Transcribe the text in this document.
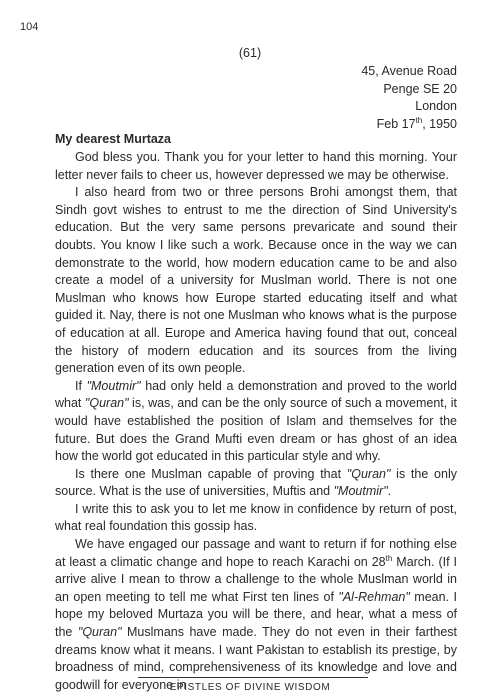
104
(61)
45, Avenue Road
Penge SE 20
London
Feb 17th, 1950
My dearest Murtaza

God bless you. Thank you for your letter to hand this morning. Your letter never fails to cheer us, however depressed we may be otherwise.

I also heard from two or three persons Brohi amongst them, that Sindh govt wishes to entrust to me the direction of Sind University's education. But the very same persons prevaricate and sound their doubts. You know I like such a work. Because once in the way we can demonstrate to the world, how modern education came to be and also create a model of a university for Muslman world. There is not one Muslman who knows how Europe started educating itself and what guided it. Nay, there is not one Muslman who knows what is the purpose of education at all. Europe and America having found that out, conceal the history of modern education and its sources from the living generation even of its own people.

If "Moutmir" had only held a demonstration and proved to the world what "Quran" is, was, and can be the only source of such a movement, it would have established the position of Islam and themselves for the future. But does the Grand Mufti even dream or has ghost of an idea how the world got educated in this particular style and why.

Is there one Muslman capable of proving that "Quran" is the only source. What is the use of universities, Muftis and "Moutmir".

I write this to ask you to let me know in confidence by return of post, what real foundation this gossip has.

We have engaged our passage and want to return if for nothing else at least a climatic change and hope to reach Karachi on 28th March. (If I arrive alive I mean to throw a challenge to the whole Muslman world in an open meeting to tell me what First ten lines of "Al-Rehman" mean. I hope my beloved Murtaza you will be there, and hear, what a mess of the "Quran" Muslmans have made. They do not even in their farthest dreams know what it means. I want Pakistan to establish its prestige, by broadness of mind, comprehensiveness of its knowledge and love and goodwill for everyone in

EPISTLES OF DIVINE WISDOM
